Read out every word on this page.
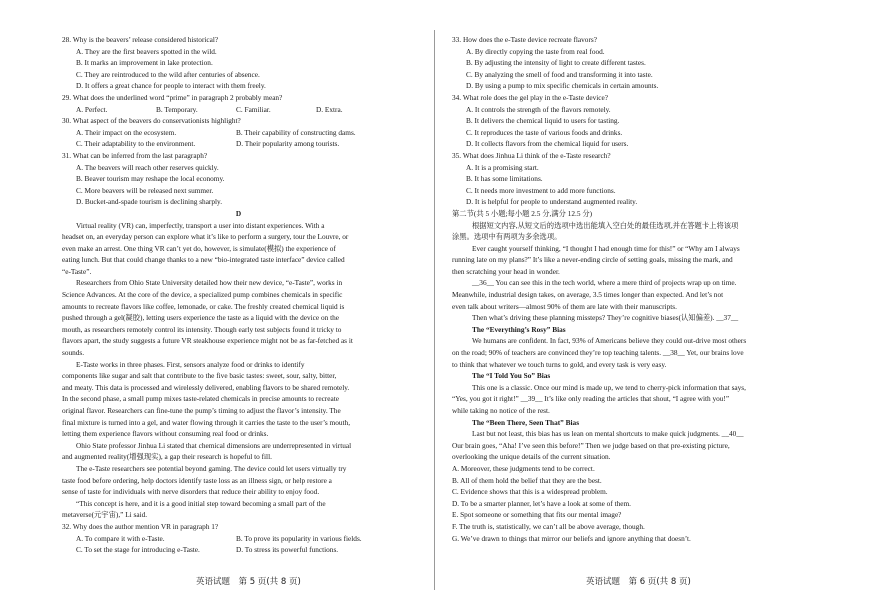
28. Why is the beavers’ release considered historical?
A. They are the first beavers spotted in the wild.
B. It marks an improvement in lake protection.
C. They are reintroduced to the wild after centuries of absence.
D. It offers a great chance for people to interact with them freely.
29. What does the underlined word “prime” in paragraph 2 probably mean?
A. Perfect.	B. Temporary.	C. Familiar.	D. Extra.
30. What aspect of the beavers do conservationists highlight?
A. Their impact on the ecosystem.	B. Their capability of constructing dams.
C. Their adaptability to the environment.	D. Their popularity among tourists.
31. What can be inferred from the last paragraph?
A. The beavers will reach other reserves quickly.
B. Beaver tourism may reshape the local economy.
C. More beavers will be released next summer.
D. Bucket-and-spade tourism is declining sharply.
D
Virtual reality (VR) can, imperfectly, transport a user into distant experiences. With a
headset on, an everyday person can explore what it’s like to perform a surgery, tour the Louvre, or
even make an arrest. One thing VR can’t yet do, however, is simulate(模拟) the experience of
eating lunch. But that could change thanks to a new “bio-integrated taste interface” device called
“e-Taste”.
Researchers from Ohio State University detailed how their new device, “e-Taste”, works in
Science Advances. At the core of the device, a specialized pump combines chemicals in specific
amounts to recreate flavors like coffee, lemonade, or cake. The freshly created chemical liquid is
pushed through a gel(凝胶), letting users experience the taste as a liquid with the device on the
mouth, as researchers remotely control its intensity. Though early test subjects found it tricky to
flavors apart, the study suggests a future VR steakhouse experience might not be as far-fetched as it
sounds.
E-Taste works in three phases. First, sensors analyze food or drinks to identify
components like sugar and salt that contribute to the five basic tastes: sweet, sour, salty, bitter,
and meaty. This data is processed and wirelessly delivered, enabling flavors to be shared remotely.
In the second phase, a small pump mixes taste-related chemicals in precise amounts to recreate
original flavor. Researchers can fine-tune the pump’s timing to adjust the flavor’s intensity. The
final mixture is turned into a gel, and water flowing through it carries the taste to the user’s mouth,
letting them experience flavors without consuming real food or drinks.
Ohio State professor Jinhua Li stated that chemical dimensions are underrepresented in virtual
and augmented reality(增强现实), a gap their research is hopeful to fill.
The e-Taste researchers see potential beyond gaming. The device could let users virtually try
taste food before ordering, help doctors identify taste loss as an illness sign, or help restore a
sense of taste for individuals with nerve disorders that reduce their ability to enjoy food.
“This concept is here, and it is a good initial step toward becoming a small part of the
metaverse(元宇宙),” Li said.
32. Why does the author mention VR in paragraph 1?
A. To compare it with e-Taste.	B. To prove its popularity in various fields.
C. To set the stage for introducing e-Taste.	D. To stress its powerful functions.
33. How does the e-Taste device recreate flavors?
A. By directly copying the taste from real food.
B. By adjusting the intensity of light to create different tastes.
C. By analyzing the smell of food and transforming it into taste.
D. By using a pump to mix specific chemicals in certain amounts.
34. What role does the gel play in the e-Taste device?
A. It controls the strength of the flavors remotely.
B. It delivers the chemical liquid to users for tasting.
C. It reproduces the taste of various foods and drinks.
D. It collects flavors from the chemical liquid for users.
35. What does Jinhua Li think of the e-Taste research?
A. It is a promising start.
B. It has some limitations.
C. It needs more investment to add more functions.
D. It is helpful for people to understand augmented reality.
第二节(共 5 小题;每小题 2.5 分,满分 12.5 分)
根据短文内容,从短文后的选项中选出能填入空白处的最佳选项,并在答题卡上将该项
涂黑。选项中有两项为多余选项。
Ever caught yourself thinking, “I thought I had enough time for this!” or “Why am I always
running late on my plans?” It’s like a never-ending circle of setting goals, missing the mark, and
then scratching your head in wonder.
__36__ You can see this in the tech world, where a mere third of projects wrap up on time.
Meanwhile, industrial design takes, on average, 3.5 times longer than expected. And let’s not
even talk about writers—almost 90% of them are late with their manuscripts.
Then what’s driving these planning missteps? They’re cognitive biases(认知偏差). __37__
The “Everything’s Rosy” Bias
We humans are confident. In fact, 93% of Americans believe they could out-drive most others
on the road; 90% of teachers are convinced they’re top teaching talents. __38__ Yet, our brains love
to think that whatever we touch turns to gold, and every task is very easy.
The “I Told You So” Bias
This one is a classic. Once our mind is made up, we tend to cherry-pick information that says,
“Yes, you got it right!” __39__ It’s like only reading the articles that shout, “I agree with you!”
while taking no notice of the rest.
The “Been There, Seen That” Bias
Last but not least, this bias has us lean on mental shortcuts to make quick judgments. __40__
Our brain goes, “Aha! I’ve seen this before!” Then we judge based on that pre-existing picture,
overlooking the unique details of the current situation.
A. Moreover, these judgments tend to be correct.
B. All of them hold the belief that they are the best.
C. Evidence shows that this is a widespread problem.
D. To be a smarter planner, let’s have a look at some of them.
E. Spot someone or something that fits our mental image?
F. The truth is, statistically, we can’t all be above average, though.
G. We’ve drawn to things that mirror our beliefs and ignore anything that doesn’t.
英语试题　第 5 页(共 8 页)	英语试题　第 6 页(共 8 页)
